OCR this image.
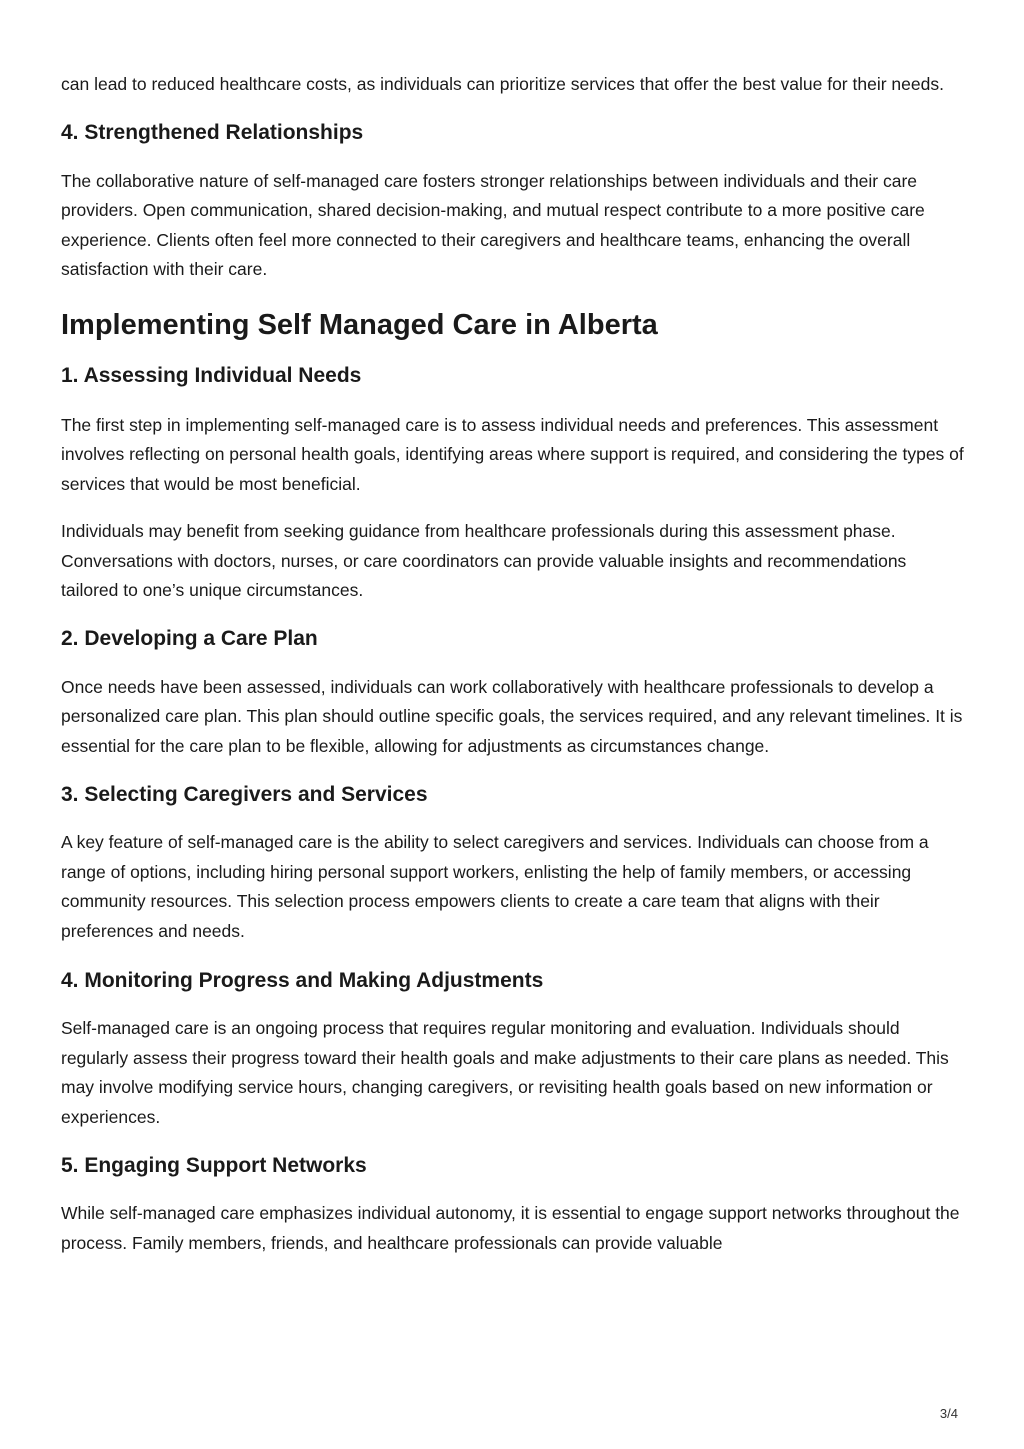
can lead to reduced healthcare costs, as individuals can prioritize services that offer the best value for their needs.

4. Strengthened Relationships

The collaborative nature of self-managed care fosters stronger relationships between individuals and their care providers. Open communication, shared decision-making, and mutual respect contribute to a more positive care experience. Clients often feel more connected to their caregivers and healthcare teams, enhancing the overall satisfaction with their care.

Implementing Self Managed Care in Alberta
1. Assessing Individual Needs

The first step in implementing self-managed care is to assess individual needs and preferences. This assessment involves reflecting on personal health goals, identifying areas where support is required, and considering the types of services that would be most beneficial.

Individuals may benefit from seeking guidance from healthcare professionals during this assessment phase. Conversations with doctors, nurses, or care coordinators can provide valuable insights and recommendations tailored to one’s unique circumstances.

2. Developing a Care Plan

Once needs have been assessed, individuals can work collaboratively with healthcare professionals to develop a personalized care plan. This plan should outline specific goals, the services required, and any relevant timelines. It is essential for the care plan to be flexible, allowing for adjustments as circumstances change.

3. Selecting Caregivers and Services

A key feature of self-managed care is the ability to select caregivers and services. Individuals can choose from a range of options, including hiring personal support workers, enlisting the help of family members, or accessing community resources. This selection process empowers clients to create a care team that aligns with their preferences and needs.

4. Monitoring Progress and Making Adjustments

Self-managed care is an ongoing process that requires regular monitoring and evaluation. Individuals should regularly assess their progress toward their health goals and make adjustments to their care plans as needed. This may involve modifying service hours, changing caregivers, or revisiting health goals based on new information or experiences.

5. Engaging Support Networks

While self-managed care emphasizes individual autonomy, it is essential to engage support networks throughout the process. Family members, friends, and healthcare professionals can provide valuable

3/4
